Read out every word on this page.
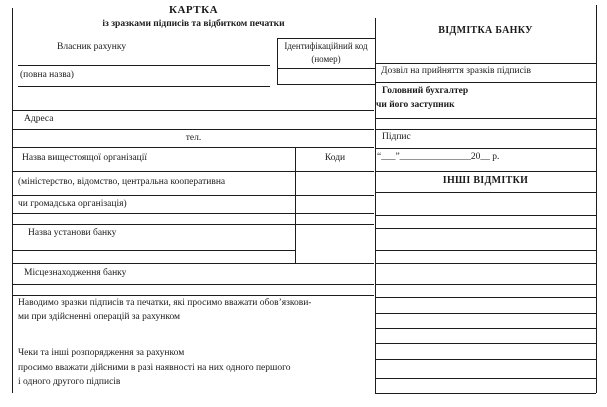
КАРТКА
із зразками підписів та відбитком печатки
Власник рахунку	Ідентифікаційний код (номер)
(повна назва)
Адреса
тел.
Назва вищестоящої організації	Коди
(міністерство, відомство, центральна кооперативна
чи громадська організація)
Назва установи банку
Місцезнаходження банку
Наводимо зразки підписів та печатки, які просимо вважати обов’язкови-
ми при здійсненні операцій за рахунком
Чеки та інші розпорядження за рахунком
просимо вважати дійсними в разі наявності на них одного першого
і одного другого підписів
ВІДМІТКА БАНКУ
Дозвіл на прийняття зразків підписів
Головний бухгалтер
чи його заступник
Підпис
“___”_______________20__ р.
ІНШІ ВІДМІТКИ
